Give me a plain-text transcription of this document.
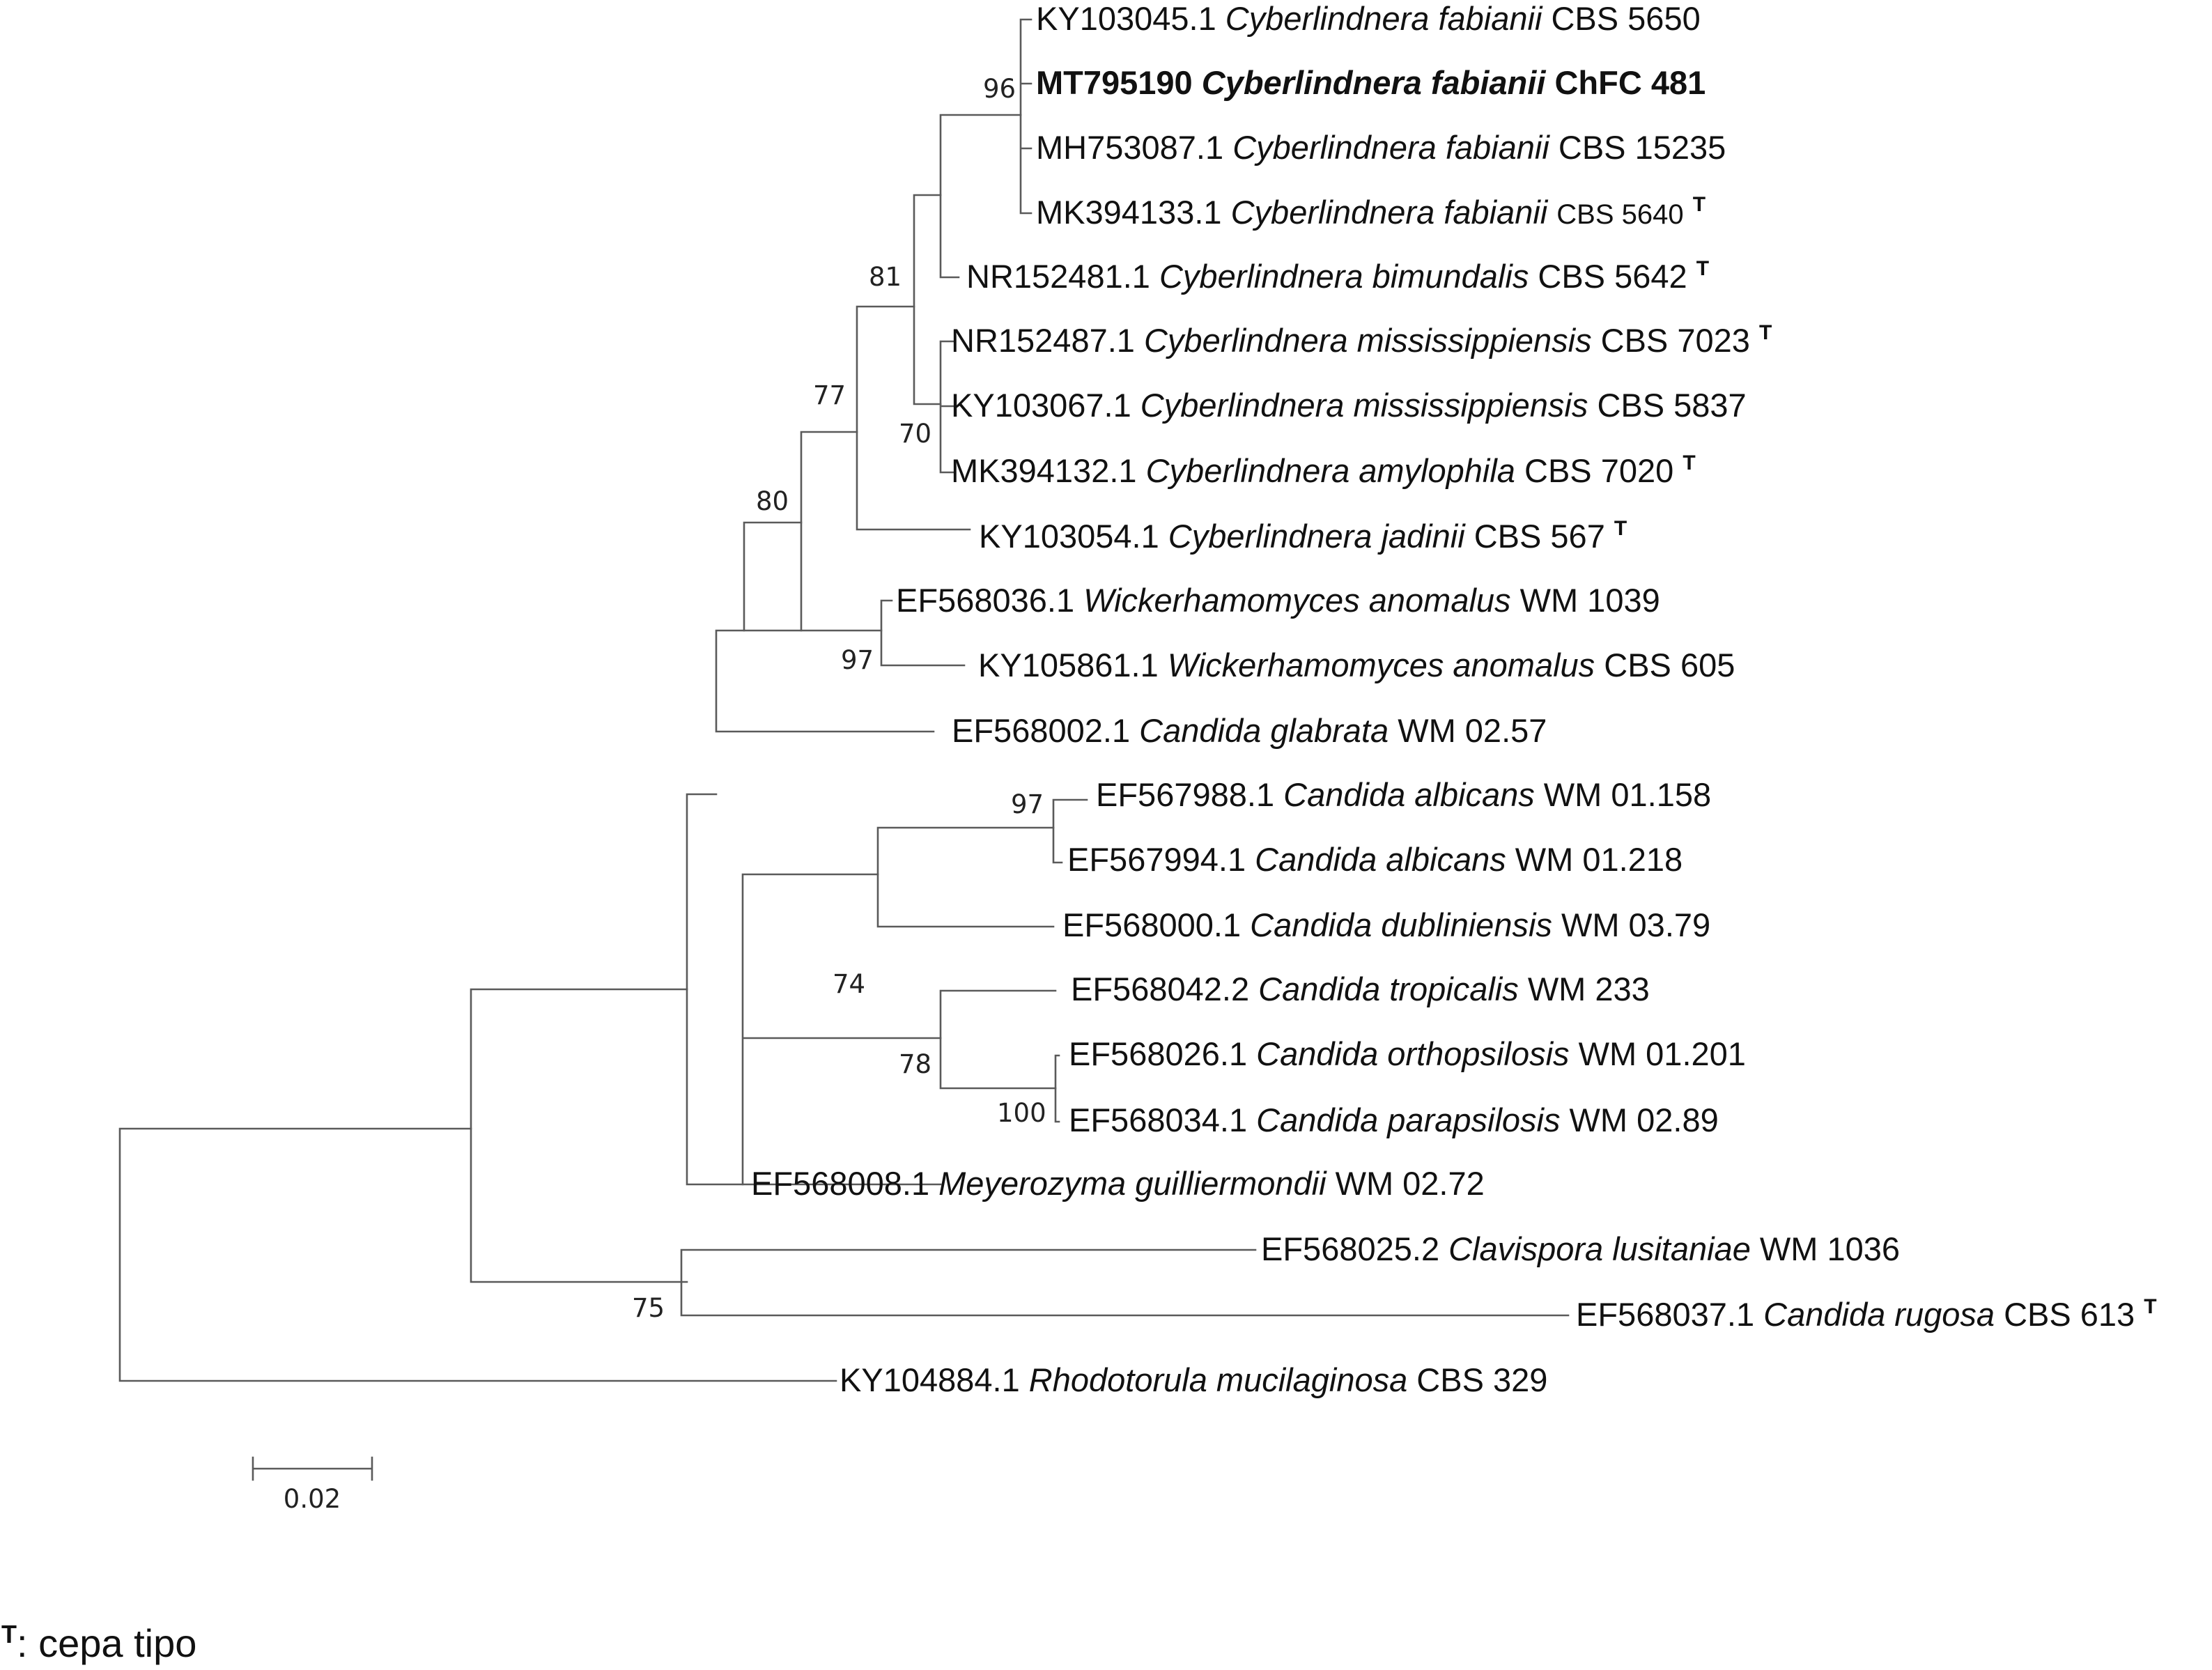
96
81
77
70
80
97
97
74
78
100
75
KY103045.1 Cyberlindnera fabianii CBS 5650
MT795190 Cyberlindnera fabianii ChFC 481
MH753087.1 Cyberlindnera fabianii CBS 15235
MK394133.1 Cyberlindnera fabianii CBS 5640 $^T$
NR152481.1 Cyberlindnera bimundalis CBS 5642 $^T$
NR152487.1 Cyberlindnera mississippiensis CBS 7023 $^T$
KY103067.1 Cyberlindnera mississippiensis CBS 5837
MK394132.1 Cyberlindnera amylophila CBS 7020 $^T$
KY103054.1 Cyberlindnera jadinii CBS 567 $^T$
EF568036.1 Wickerhamomyces anomalus WM 1039
KY105861.1 Wickerhamomyces anomalus CBS 605
EF568002.1 Candida glabrata WM 02.57
EF567988.1 Candida albicans WM 01.158
EF567994.1 Candida albicans WM 01.218
EF568000.1 Candida dubliniensis WM 03.79
EF568042.2 Candida tropicalis WM 233
EF568026.1 Candida orthopsilosis WM 01.201
EF568034.1 Candida parapsilosis WM 02.89
EF568008.1 Meyerozyma guilliermondii WM 02.72
EF568025.2 Clavispora lusitaniae WM 1036
EF568037.1 Candida rugosa CBS 613 $^T$
KY104884.1 Rhodotorula mucilaginosa CBS 329
0.02
$^T$: cepa tipo
